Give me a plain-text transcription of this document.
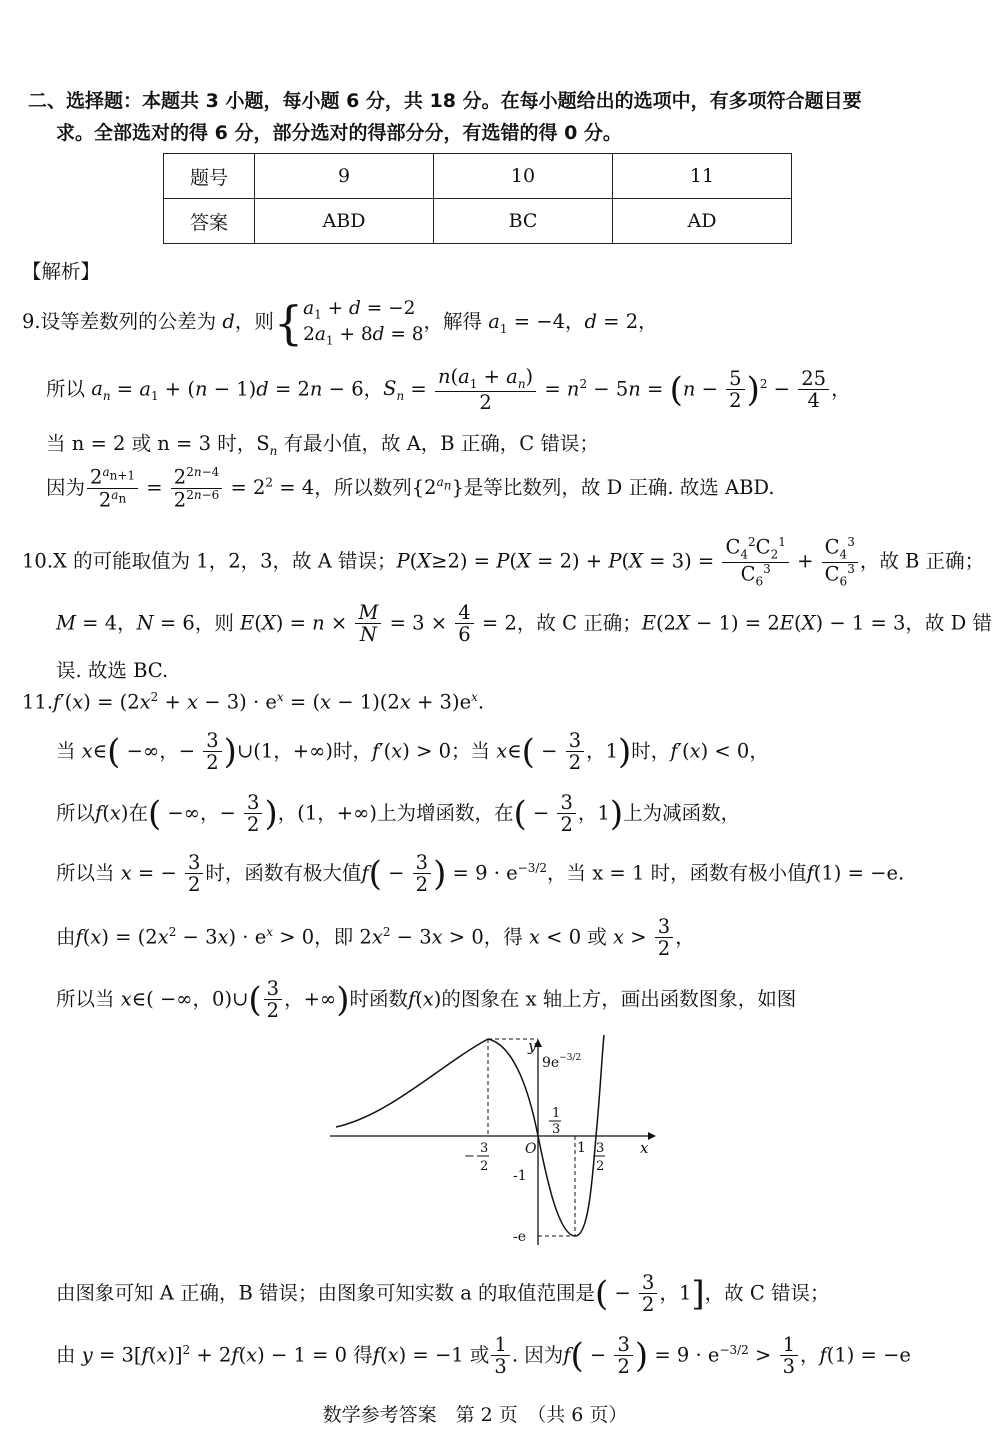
二、选择题：本题共 3 小题，每小题 6 分，共 18 分。在每小题给出的选项中，有多项符合题目要
求。全部选对的得 6 分，部分选对的得部分分，有选错的得 0 分。
题号	9	10	11
答案	ABD	BC	AD
【解析】
9.设等差数列的公差为 d，则 { $a_1 + d = -2$
$2a_1 + 8d = 8$
，解得 $a_1 = -4$，d = 2，
所以 $a_n = a_1 + (n - 1)d = 2n - 6$，$S_n = \frac{n(a_1 + a_n)}{2} = n^2 - 5n = (n - \frac{5}{2} )^2 - \frac{25}{4}$ ，
当 n = 2 或 n = 3 时，$S_n$ 有最小值，故 A，B 正确，C 错误；
因为 $\frac{2^{a_{n+1}}}{2^{a_n}} = \frac{2^{2n-4}}{2^{2n-6}} = 2^2 = 4$，所以数列$\{2^{a_n}\}$是等比数列，故 D 正确. 故选 ABD.
10.X 的可能取值为 1，2，3，故 A 错误；$P(X\ge 2) = P(X = 2) + P(X = 3) = \frac{C_4^2C_2^1}{C_6^3} + \frac{C_4^3}{C_6^3}$ ，故 B 正确；
M = 4，N = 6，则 $E(X) = n \times \frac{M}{N} = 3 \times \frac{4}{6} = 2$，故 C 正确；E(2X − 1) = 2E(X) − 1 = 3，故 D 错
误. 故选 BC.
$11.f'(x) = (2x^2 + x - 3) \cdot e^x = (x - 1)(2x + 3)e^x$.
当 x∈( −∞，− $\frac{3}{2}$ )∪(1，+∞)时，f′(x) > 0；当 x∈( − $\frac{3}{2}$ ，1)时，f′(x) < 0，
所以f(x)在( −∞，− $\frac{3}{2}$ )，(1，+∞)上为增函数，在( − $\frac{3}{2}$ ，1)上为减函数，
所以当 x = − $\frac{3}{2}$ 时，函数有极大值$f( - \frac{3}{2}$ ) = $9 \cdot e^{-3/2}$，当 x = 1 时，函数有极小值f(1) = −e.
由$f(x) = (2x^2 - 3x) \cdot e^x > 0$，即 $2x^2 - 3x > 0$，得 x < 0 或 $x > \frac{3}{2}$ ，
所以当 x∈( −∞，0)∪( $\frac{3}{2}$ ，+∞)时函数f(x)的图象在 x 轴上方，画出函数图象，如图
y
x
O
9e−3/2
1
3
-1
-e
1
−
3
2
3
2
由图象可知 A 正确，B 错误；由图象可知实数 a 的取值范围是( − $\frac{3}{2}$ ，1]，故 C 错误；
由 $y = 3[f(x)]^2 + 2f(x) - 1 = 0$ 得f(x) = −1 或 $\frac{1}{3}$ . 因为$f( - \frac{3}{2}$ ) = $9 \cdot e^{-3/2} > \frac{1}{3}$ ，f(1) = −e
数学参考答案　第 2 页　（共 6 页）
